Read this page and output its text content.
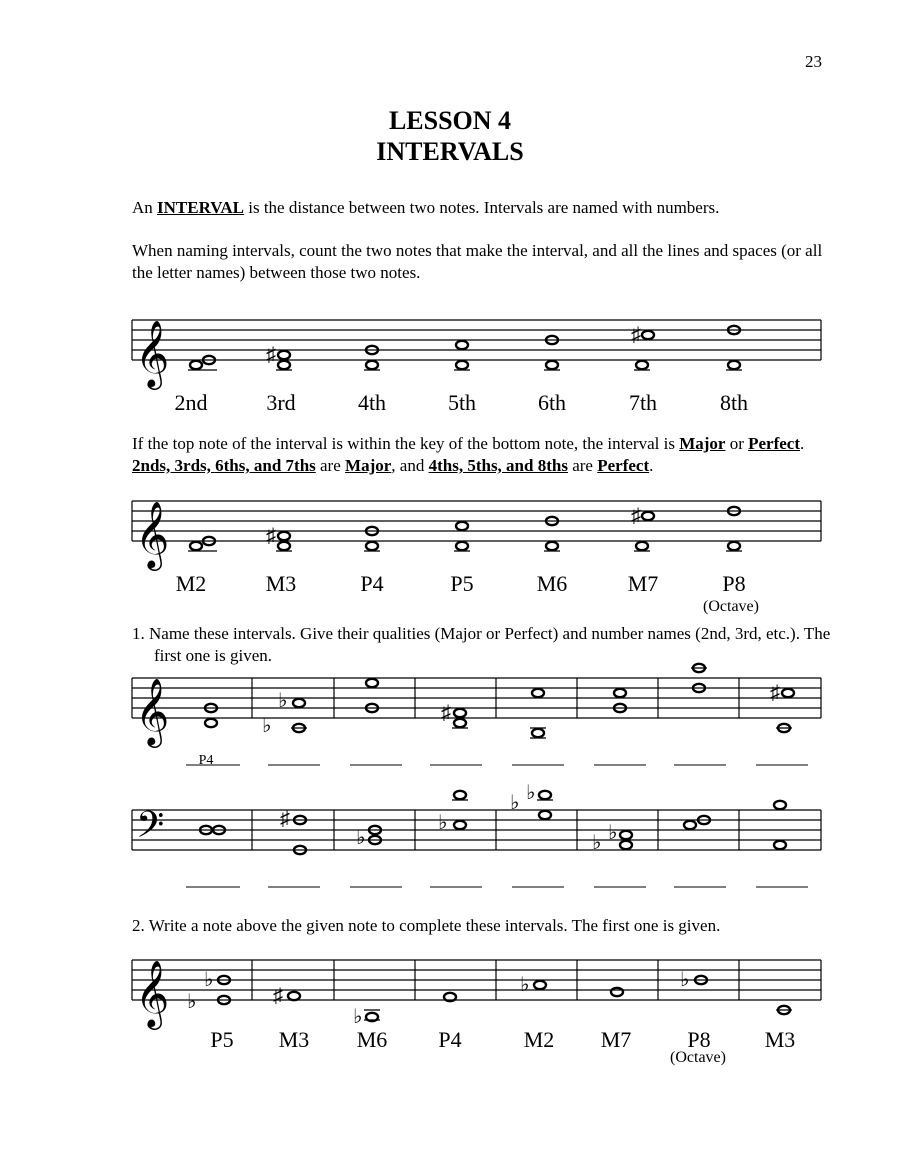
23
LESSON 4
INTERVALS
An INTERVAL is the distance between two notes. Intervals are named with numbers.
When naming intervals, count the two notes that make the interval, and all the lines and spaces (or all the letter names) between those two notes.
𝄞	♯
♯
2nd	3rd	4th	5th	6th	7th	8th
If the top note of the interval is within the key of the bottom note, the interval is Major or Perfect. 2nds, 3rds, 6ths, and 7ths are Major, and 4ths, 5ths, and 8ths are Perfect.
𝄞	♯
♯
M2	M3	P4	P5	M6	M7	P8
(Octave)
1. Name these intervals. Give their qualities (Major or Perfect) and number names (2nd, 3rd, etc.). The first one is given.
𝄞	♭
♭
♯
♯
P4
𝄢	♯
♭
♭
♭ ♭
♭ ♭
2. Write a note above the given note to complete these intervals. The first one is given.
𝄞 ♭
♭
♯
♭
♭	♭
P5 M3 M6 P4	M2 M7	P8 M3
(Octave)
